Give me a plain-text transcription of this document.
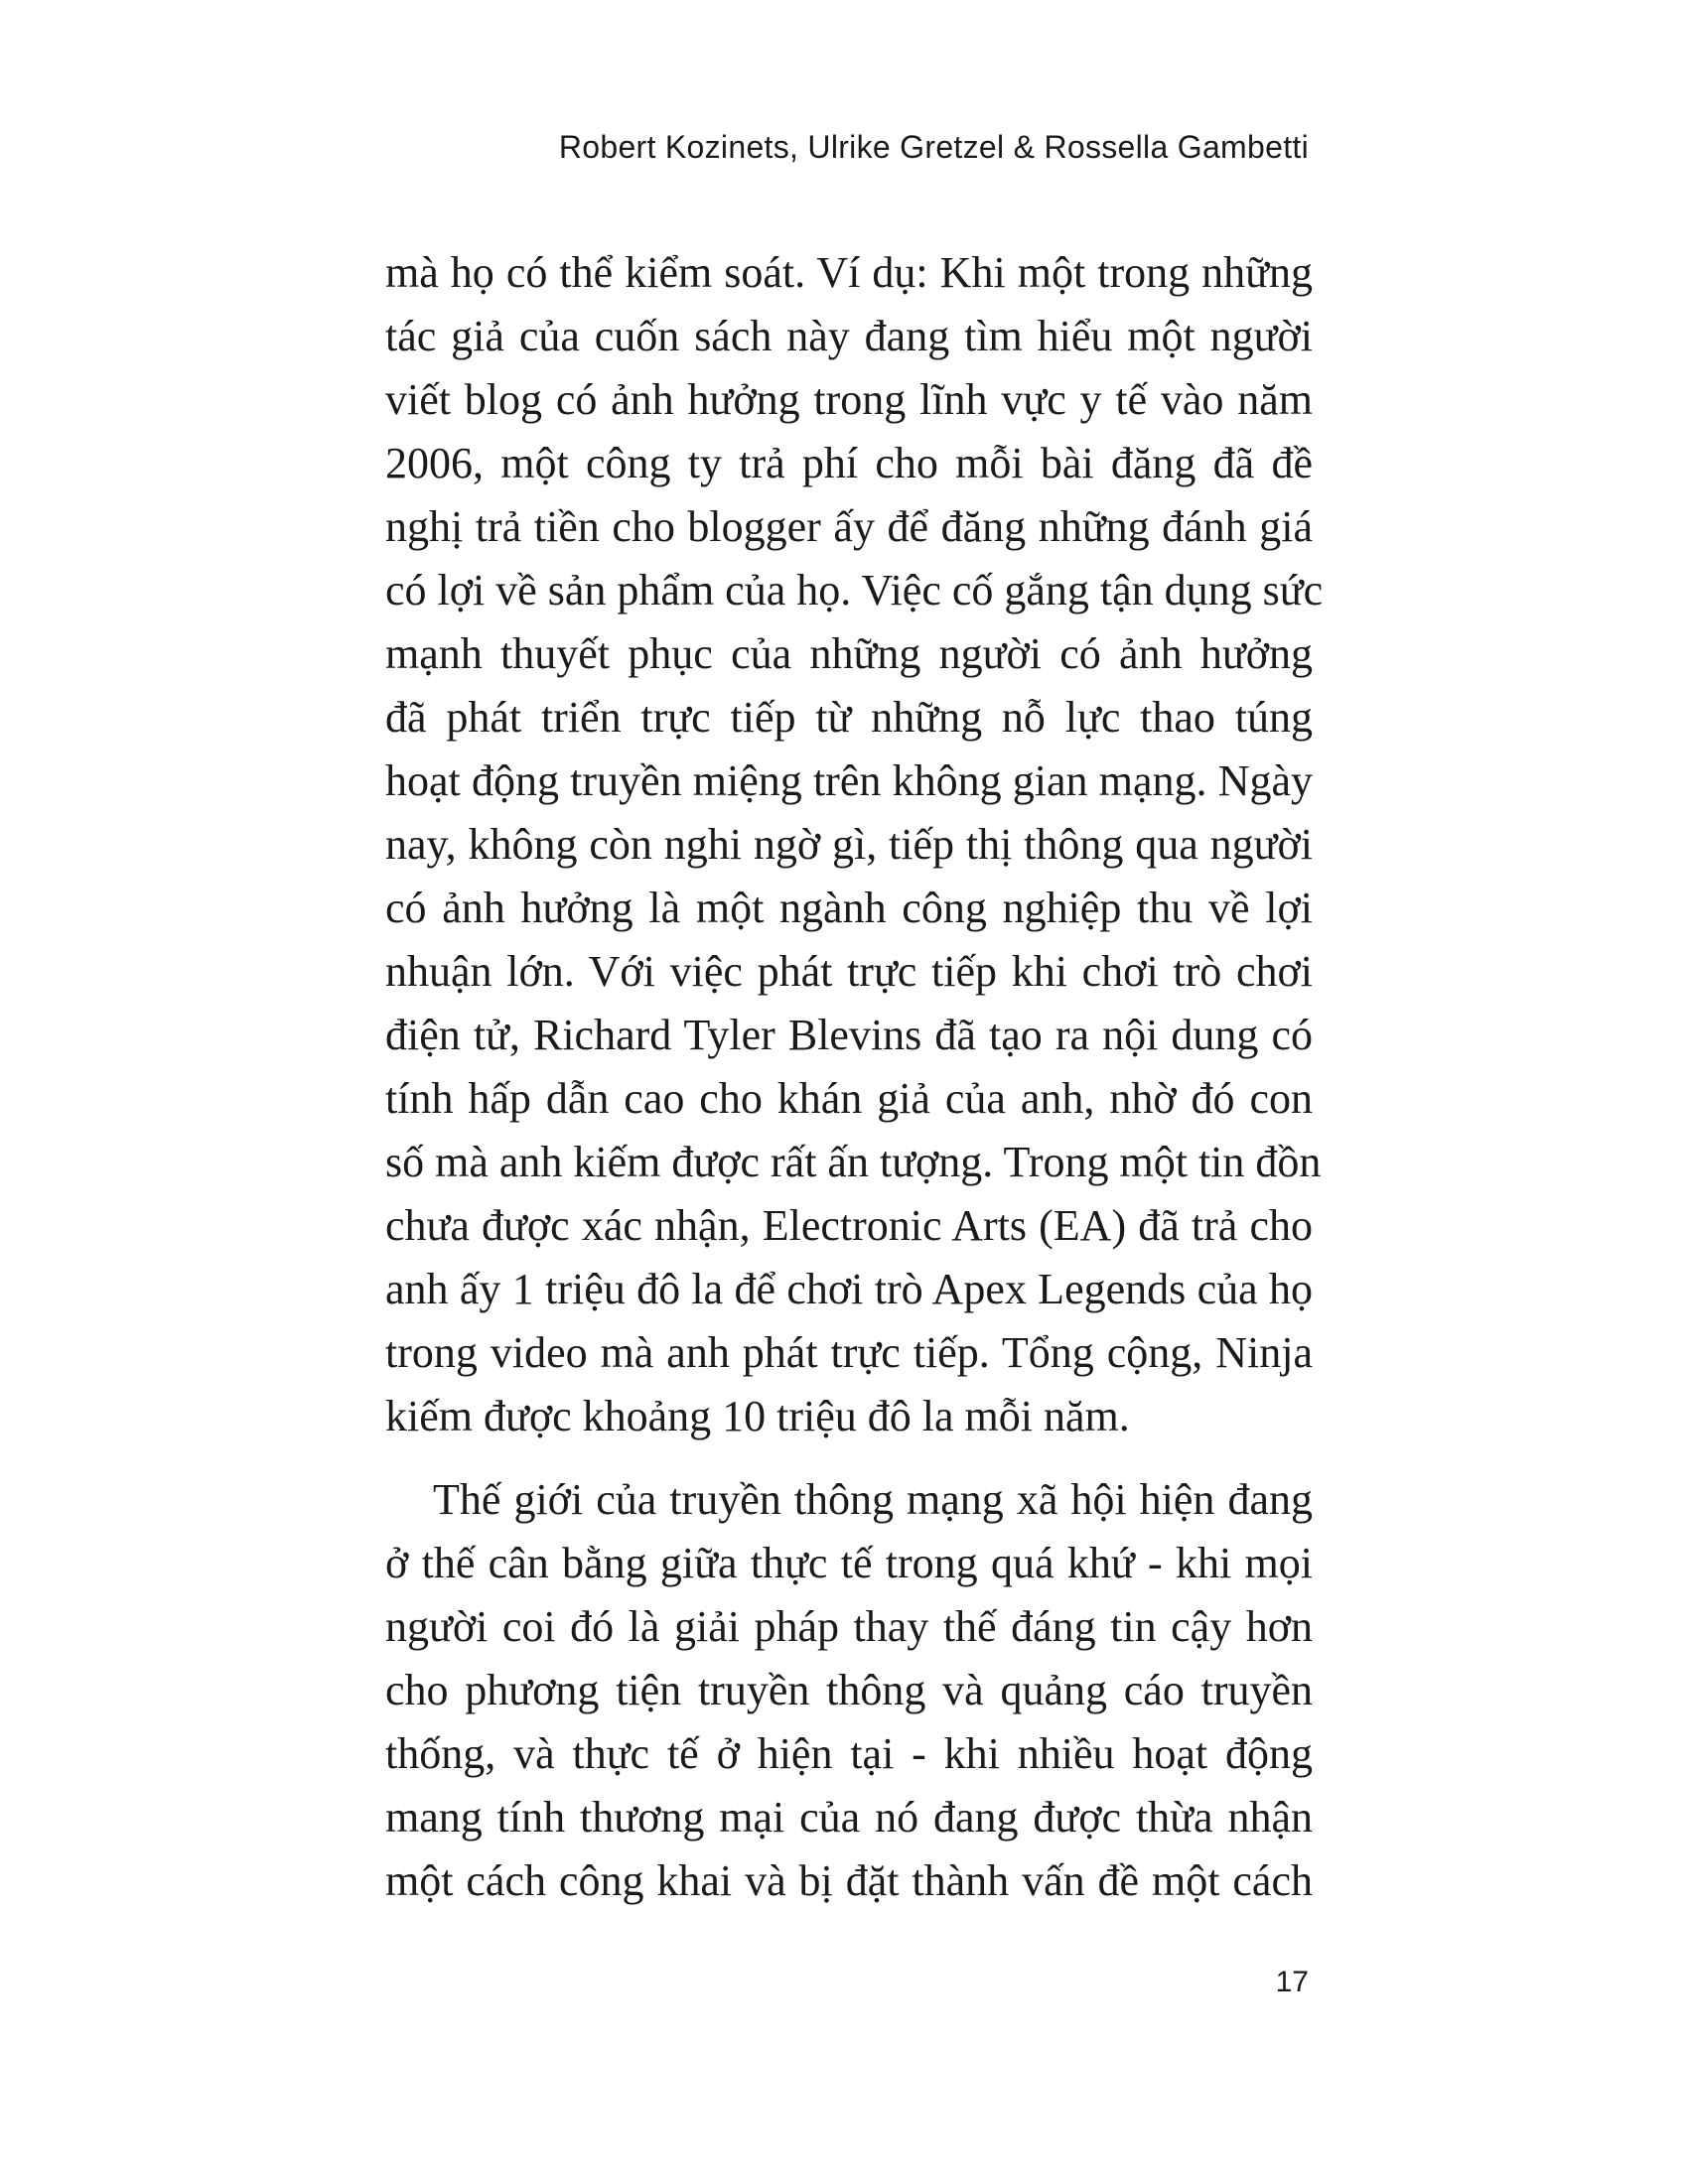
Robert Kozinets, Ulrike Gretzel & Rossella Gambetti
mà họ có thể kiểm soát. Ví dụ: Khi một trong những
tác giả của cuốn sách này đang tìm hiểu một người
viết blog có ảnh hưởng trong lĩnh vực y tế vào năm
2006, một công ty trả phí cho mỗi bài đăng đã đề
nghị trả tiền cho blogger ấy để đăng những đánh giá
có lợi về sản phẩm của họ. Việc cố gắng tận dụng sức
mạnh thuyết phục của những người có ảnh hưởng
đã phát triển trực tiếp từ những nỗ lực thao túng
hoạt động truyền miệng trên không gian mạng. Ngày
nay, không còn nghi ngờ gì, tiếp thị thông qua người
có ảnh hưởng là một ngành công nghiệp thu về lợi
nhuận lớn. Với việc phát trực tiếp khi chơi trò chơi
điện tử, Richard Tyler Blevins đã tạo ra nội dung có
tính hấp dẫn cao cho khán giả của anh, nhờ đó con
số mà anh kiếm được rất ấn tượng. Trong một tin đồn
chưa được xác nhận, Electronic Arts (EA) đã trả cho
anh ấy 1 triệu đô la để chơi trò Apex Legends của họ
trong video mà anh phát trực tiếp. Tổng cộng, Ninja
kiếm được khoảng 10 triệu đô la mỗi năm.
Thế giới của truyền thông mạng xã hội hiện đang
ở thế cân bằng giữa thực tế trong quá khứ - khi mọi
người coi đó là giải pháp thay thế đáng tin cậy hơn
cho phương tiện truyền thông và quảng cáo truyền
thống, và thực tế ở hiện tại - khi nhiều hoạt động
mang tính thương mại của nó đang được thừa nhận
một cách công khai và bị đặt thành vấn đề một cách
17
